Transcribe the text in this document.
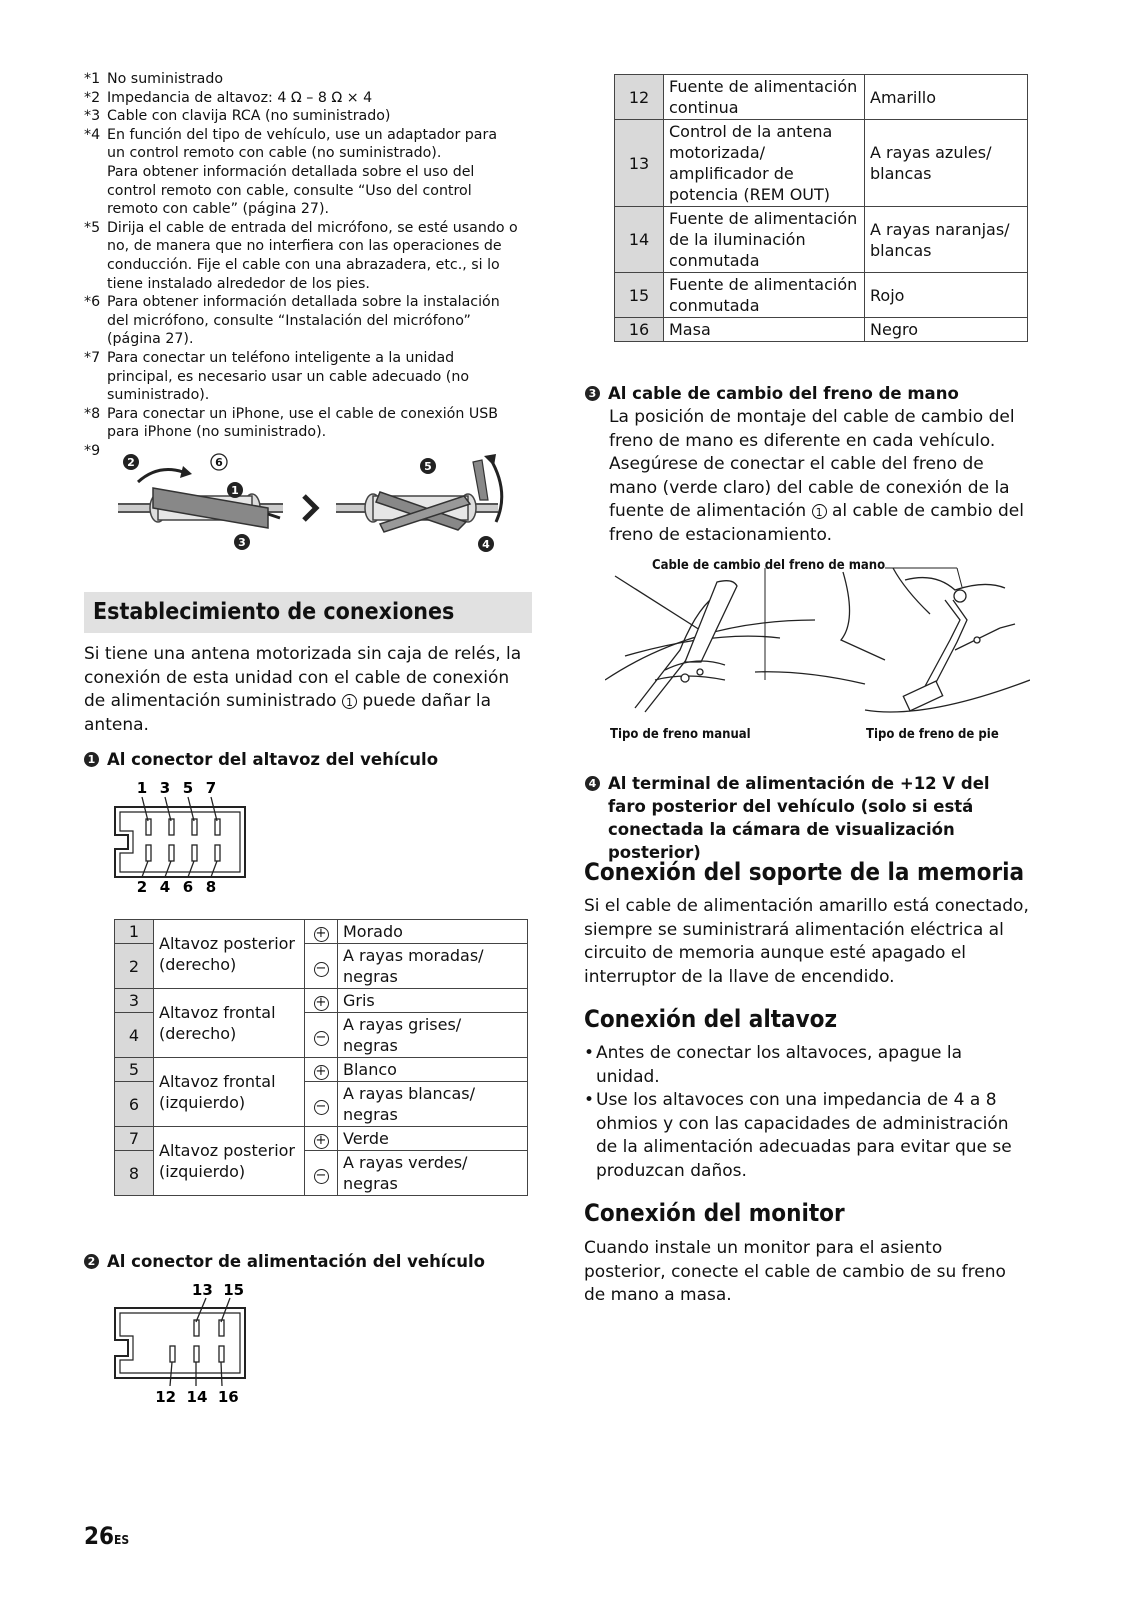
*1 No suministrado
*2 Impedancia de altavoz: 4 Ω – 8 Ω × 4
*3 Cable con clavija RCA (no suministrado)
*4 En función del tipo de vehículo, use un adaptador para
un control remoto con cable (no suministrado).
Para obtener información detallada sobre el uso del
control remoto con cable, consulte “Uso del control
remoto con cable” (página 27).
*5 Dirija el cable de entrada del micrófono, se esté usando o
no, de manera que no interfiera con las operaciones de
conducción. Fije el cable con una abrazadera, etc., si lo
tiene instalado alrededor de los pies.
*6 Para obtener información detallada sobre la instalación
del micrófono, consulte “Instalación del micrófono”
(página 27).
*7 Para conectar un teléfono inteligente a la unidad
principal, es necesario usar un cable adecuado (no
suministrado).
*8 Para conectar un iPhone, use el cable de conexión USB
para iPhone (no suministrado).
*9
2	6
1
3
5
4
Establecimiento de conexiones
Si tiene una antena motorizada sin caja de relés, la conexión de esta unidad con el cable de conexión de alimentación suministrado 1 puede dañar la antena.
1 Al conector del altavoz del vehículo
1 3 5 7
2 4 6 8
1	Altavoz posterior
(derecho)	+	Morado
2		−	A rayas moradas/
negras
3	Altavoz frontal
(derecho)	+	Gris
4		−	A rayas grises/
negras
5	Altavoz frontal
(izquierdo)	+	Blanco
6		−	A rayas blancas/
negras
7	Altavoz posterior
(izquierdo)	+	Verde
8		−	A rayas verdes/
negras
2 Al conector de alimentación del vehículo
13  15
12  14  16
12	Fuente de alimentación
continua	Amarillo
13	Control de la antena
motorizada/
amplificador de
potencia (REM OUT)	A rayas azules/
blancas
14	Fuente de alimentación
de la iluminación
conmutada	A rayas naranjas/
blancas
15	Fuente de alimentación
conmutada	Rojo
16	Masa	Negro
3 Al cable de cambio del freno de mano
La posición de montaje del cable de cambio del freno de mano es diferente en cada vehículo. Asegúrese de conectar el cable del freno de mano (verde claro) del cable de conexión de la fuente de alimentación 1 al cable de cambio del freno de estacionamiento.
Cable de cambio del freno de mano
Tipo de freno manual	Tipo de freno de pie
4 Al terminal de alimentación de +12 V del faro posterior del vehículo (solo si está conectada la cámara de visualización posterior)
Conexión del soporte de la memoria
Si el cable de alimentación amarillo está conectado, siempre se suministrará alimentación eléctrica al circuito de memoria aunque esté apagado el interruptor de la llave de encendido.
Conexión del altavoz
• Antes de conectar los altavoces, apague la unidad.
• Use los altavoces con una impedancia de 4 a 8 ohmios y con las capacidades de administración de la alimentación adecuadas para evitar que se produzcan daños.
Conexión del monitor
Cuando instale un monitor para el asiento posterior, conecte el cable de cambio de su freno de mano a masa.
26ES
